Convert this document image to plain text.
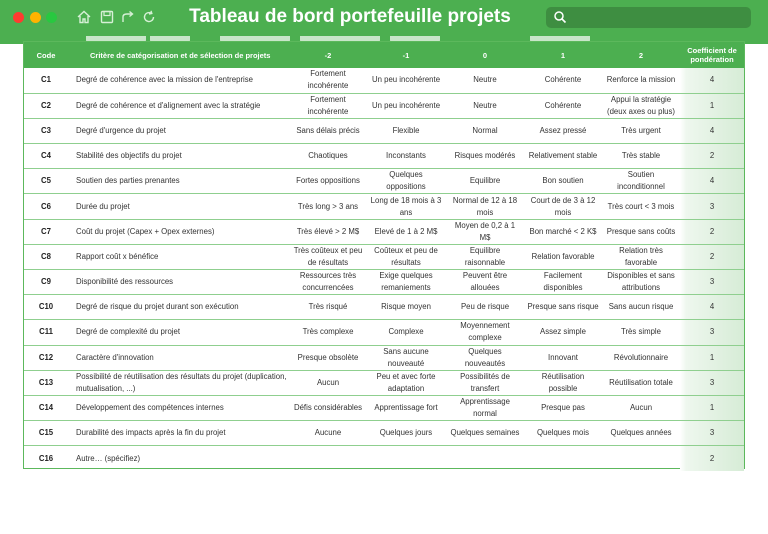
Tableau de bord portefeuille projets
Code	Critère de catégorisation et de sélection de projets	-2	-1	0	1	2	Coefficient de pondération
C1	Degré de cohérence avec la mission de l'entreprise	Fortement incohérente	Un peu incohérente	Neutre	Cohérente	Renforce la mission	4
C2	Degré de cohérence et d'alignement avec la stratégie	Fortement incohérente	Un peu incohérente	Neutre	Cohérente	Appui la stratégie (deux axes ou plus)	1
C3	Degré d'urgence du projet	Sans délais précis	Flexible	Normal	Assez pressé	Très urgent	4
C4	Stabilité des objectifs du projet	Chaotiques	Inconstants	Risques modérés	Relativement stable	Très stable	2
C5	Soutien des parties prenantes	Fortes oppositions	Quelques oppositions	Equilibre	Bon soutien	Soutien inconditionnel	4
C6	Durée du projet	Très long > 3 ans	Long de 18 mois à 3 ans	Normal de 12 à 18 mois	Court de de 3 à 12 mois	Très court < 3 mois	3
C7	Coût du projet (Capex + Opex externes)	Très élevé > 2 M$	Elevé de 1 à 2 M$	Moyen de 0,2 à 1 M$	Bon marché < 2 K$	Presque sans coûts	2
C8	Rapport coût x bénéfice	Très coûteux et peu de résultats	Coûteux et peu de résultats	Equilibre raisonnable	Relation favorable	Relation très favorable	2
C9	Disponibilité des ressources	Ressources très concurrencées	Exige quelques remaniements	Peuvent être allouées	Facilement disponibles	Disponibles et sans attributions	3
C10	Degré de risque du projet durant son exécution	Très risqué	Risque moyen	Peu de risque	Presque sans risque	Sans aucun risque	4
C11	Degré de complexité du projet	Très complexe	Complexe	Moyennement complexe	Assez simple	Très simple	3
C12	Caractère d'innovation	Presque obsolète	Sans aucune nouveauté	Quelques nouveautés	Innovant	Révolutionnaire	1
C13	Possibilité de réutilisation des résultats du projet (duplication, mutualisation, ...)	Aucun	Peu et avec forte adaptation	Possibilités de transfert	Réutilisation possible	Réutilisation totale	3
C14	Développement des compétences internes	Défis considérables	Apprentissage fort	Apprentissage normal	Presque pas	Aucun	1
C15	Durabilité des impacts après la fin du projet	Aucune	Quelques jours	Quelques semaines	Quelques mois	Quelques années	3
C16	Autre… (spécifiez)						2
